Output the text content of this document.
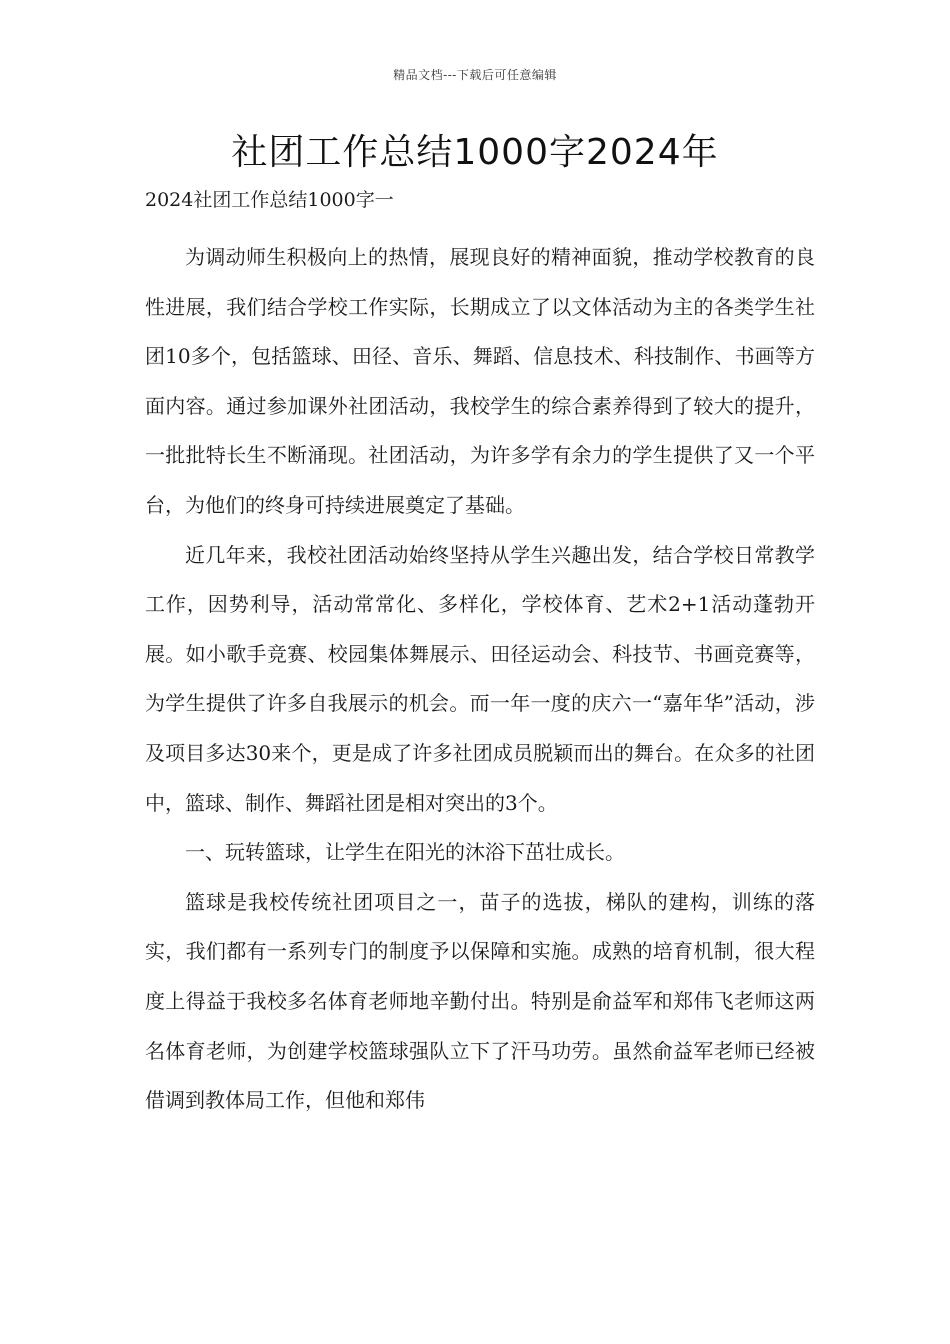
精品文档---下载后可任意编辑
社团工作总结1000字2024年
2024社团工作总结1000字一

为调动师生积极向上的热情，展现良好的精神面貌，推动学校教育的良性进展，我们结合学校工作实际，长期成立了以文体活动为主的各类学生社团10多个，包括篮球、田径、音乐、舞蹈、信息技术、科技制作、书画等方面内容。通过参加课外社团活动，我校学生的综合素养得到了较大的提升，一批批特长生不断涌现。社团活动，为许多学有余力的学生提供了又一个平台，为他们的终身可持续进展奠定了基础。

近几年来，我校社团活动始终坚持从学生兴趣出发，结合学校日常教学工作，因势利导，活动常常化、多样化，学校体育、艺术2+1活动蓬勃开展。如小歌手竞赛、校园集体舞展示、田径运动会、科技节、书画竞赛等，为学生提供了许多自我展示的机会。而一年一度的庆六一“嘉年华”活动，涉及项目多达30来个，更是成了许多社团成员脱颖而出的舞台。在众多的社团中，篮球、制作、舞蹈社团是相对突出的3个。

一、玩转篮球，让学生在阳光的沐浴下茁壮成长。

篮球是我校传统社团项目之一，苗子的选拔，梯队的建构，训练的落实，我们都有一系列专门的制度予以保障和实施。成熟的培育机制，很大程度上得益于我校多名体育老师地辛勤付出。特别是俞益军和郑伟飞老师这两名体育老师，为创建学校篮球强队立下了汗马功劳。虽然俞益军老师已经被借调到教体局工作，但他和郑伟
